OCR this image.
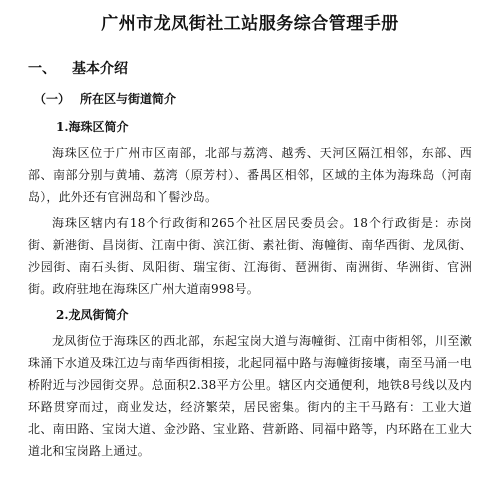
广州市龙凤街社工站服务综合管理手册
一、 基本介绍
（一） 所在区与街道简介
1.海珠区简介
海珠区位于广州市区南部，北部与荔湾、越秀、天河区隔江相邻，东部、西部、南部分别与黄埔、荔湾（原芳村）、番禺区相邻，区域的主体为海珠岛（河南岛），此外还有官洲岛和丫髻沙岛。
海珠区辖内有18个行政街和265个社区居民委员会。18个行政街是：赤岗街、新港街、昌岗街、江南中街、滨江街、素社街、海幢街、南华西街、龙凤街、沙园街、南石头街、凤阳街、瑞宝街、江海街、琶洲街、南洲街、华洲街、官洲街。政府驻地在海珠区广州大道南998号。
2.龙凤街简介
龙凤街位于海珠区的西北部，东起宝岗大道与海幢街、江南中街相邻，川至漱珠涌下水道及珠江边与南华西街相接，北起同福中路与海幢街接壤，南至马涌一电桥附近与沙园街交界。总面积2.38平方公里。辖区内交通便利，地铁8号线以及内环路贯穿而过，商业发达，经济繁荣，居民密集。街内的主干马路有：工业大道北、南田路、宝岗大道、金沙路、宝业路、营新路、同福中路等，内环路在工业大道北和宝岗路上通过。
